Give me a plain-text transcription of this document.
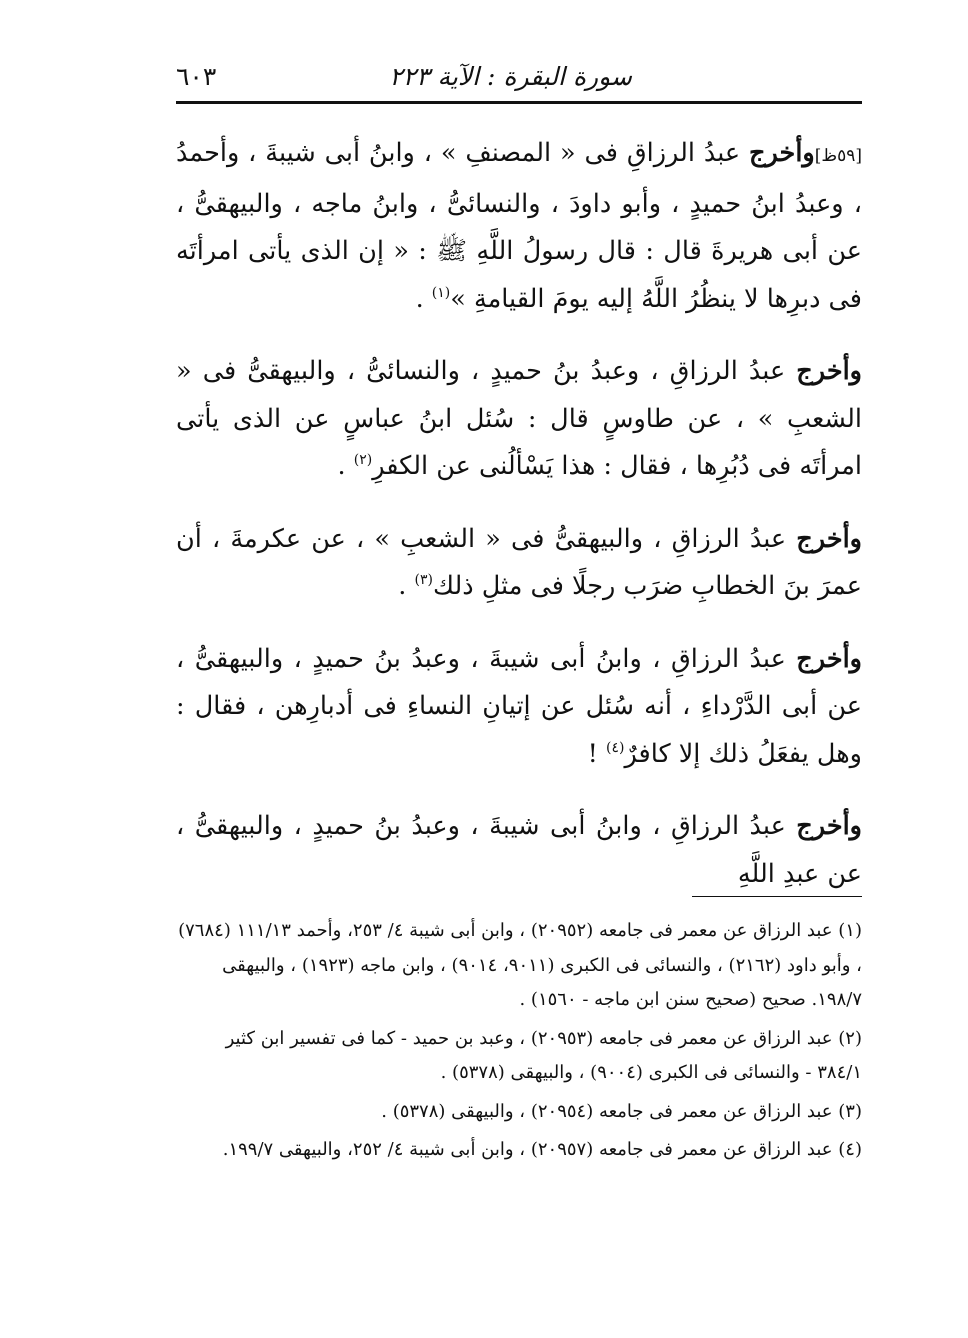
سورة البقرة : الآية ٢٢٣
٦٠٣

[٥٩ظ]وأخرج عبدُ الرزاقِ فى « المصنفِ » ، وابنُ أبى شيبةَ ، وأحمدُ ، وعبدُ ابنُ حميدٍ ، وأبو داودَ ، والنسائىُّ ، وابنُ ماجه ، والبيهقىُّ ، عن أبى هريرةَ قال : قال رسولُ اللَّهِ ﷺ : « إن الذى يأتى امرأتَه فى دبرِها لا ينظُرُ اللَّهُ إليه يومَ القيامةِ »$^{(١)}$ .

وأخرج عبدُ الرزاقِ ، وعبدُ بنُ حميدٍ ، والنسائىُّ ، والبيهقىُّ فى « الشعبِ » ، عن طاوسٍ قال : سُئل ابنُ عباسٍ عن الذى يأتى امرأتَه فى دُبُرِها ، فقال : هذا يَسْألُنى عن الكفرِ$^{(٢)}$ .

وأخرج عبدُ الرزاقِ ، والبيهقىُّ فى « الشعبِ » ، عن عكرمةَ ، أن عمرَ بنَ الخطابِ ضرَب رجلًا فى مثلِ ذلك$^{(٣)}$ .

وأخرج عبدُ الرزاقِ ، وابنُ أبى شيبةَ ، وعبدُ بنُ حميدٍ ، والبيهقىُّ ، عن أبى الدَّرْداءِ ، أنه سُئل عن إتيانِ النساءِ فى أدبارِهن ، فقال : وهل يفعَلُ ذلك إلا كافرٌ$^{(٤)}$ !

وأخرج عبدُ الرزاقِ ، وابنُ أبى شيبةَ ، وعبدُ بنُ حميدٍ ، والبيهقىُّ ، عن عبدِ اللَّهِ

(١) عبد الرزاق عن معمر فى جامعه (٢٠٩٥٢) ، وابن أبى شيبة ٤/ ٢٥٣، وأحمد ١١١/١٣ (٧٦٨٤) ، وأبو داود (٢١٦٢) ، والنسائى فى الكبرى (٩٠١١، ٩٠١٤) ، وابن ماجه (١٩٢٣) ، والبيهقى ١٩٨/٧. صحيح (صحيح سنن ابن ماجه - ١٥٦٠) .

(٢) عبد الرزاق عن معمر فى جامعه (٢٠٩٥٣) ، وعبد بن حميد - كما فى تفسير ابن كثير ٣٨٤/١ - والنسائى فى الكبرى (٩٠٠٤) ، والبيهقى (٥٣٧٨) .

(٣) عبد الرزاق عن معمر فى جامعه (٢٠٩٥٤) ، والبيهقى (٥٣٧٨) .

(٤) عبد الرزاق عن معمر فى جامعه (٢٠٩٥٧) ، وابن أبى شيبة ٤/ ٢٥٢، والبيهقى ١٩٩/٧.
